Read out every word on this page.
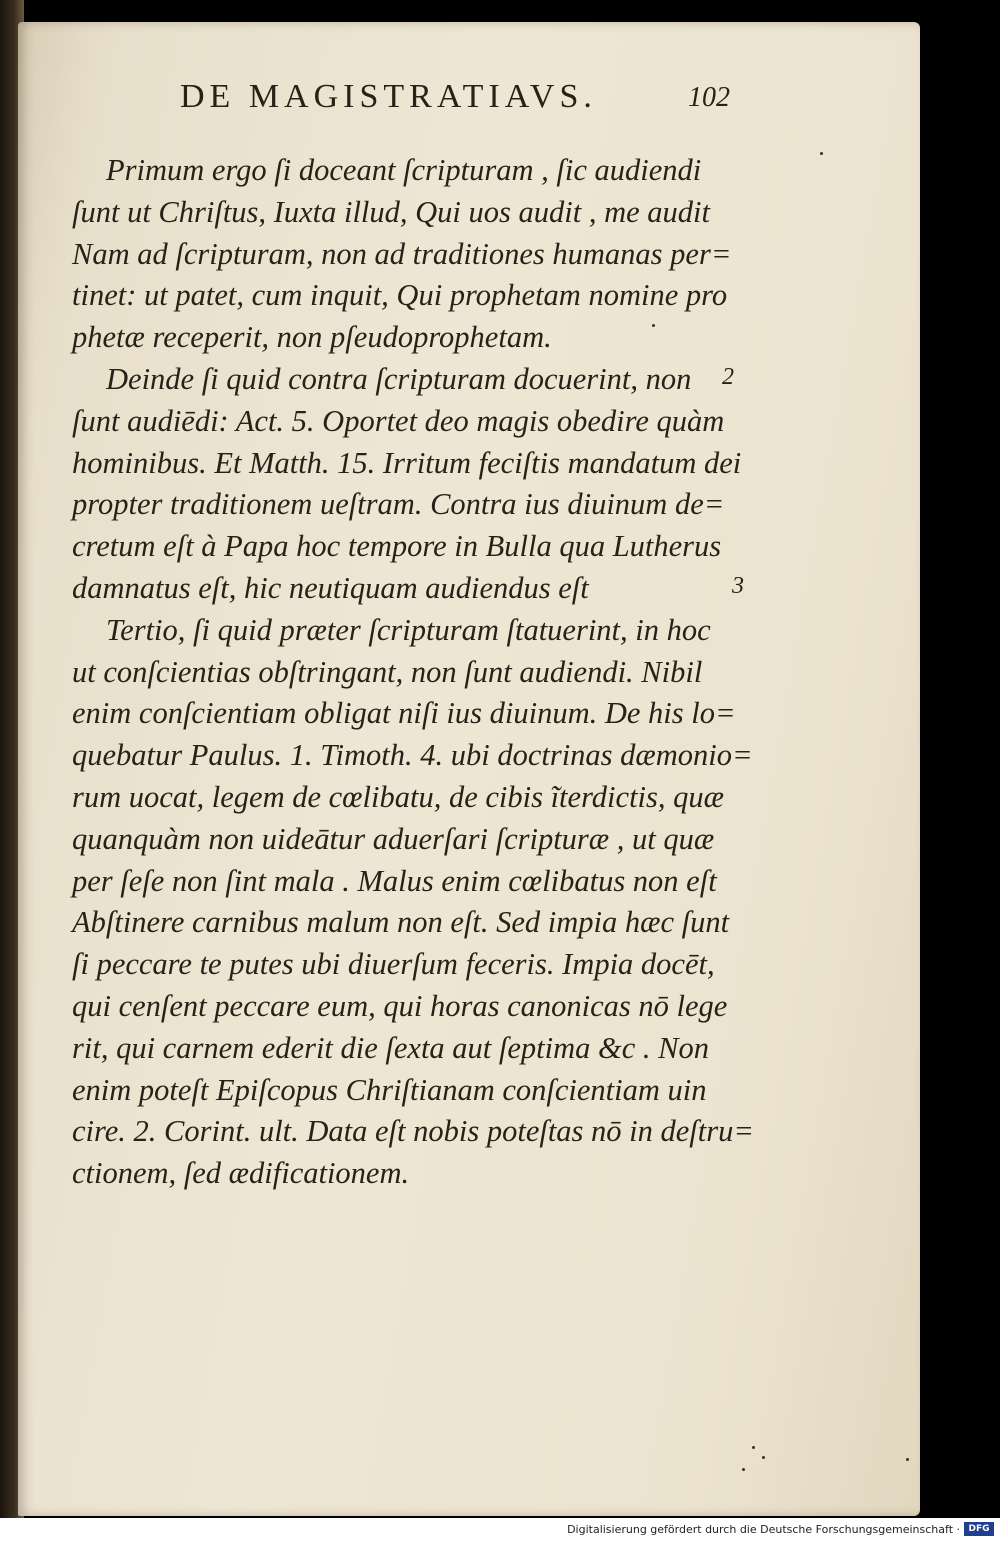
DE MAGISTRATIAVS.	102
Primum ergo ſi doceant ſcripturam , ſic audiendi
ſunt ut Chriſtus, Iuxta illud, Qui uos audit , me audit
Nam ad ſcripturam, non ad traditiones humanas per=
tinet: ut patet, cum inquit, Qui prophetam nomine pro
phetæ receperit, non pſeudoprophetam.
Deinde ſi quid contra ſcripturam docuerint, non
ſunt audiēdi: Act. 5. Oportet deo magis obedire quàm
hominibus. Et Matth. 15. Irritum feciſtis mandatum dei
propter traditionem ueſtram. Contra ius diuinum de=
cretum eſt à Papa hoc tempore in Bulla qua Lutherus
damnatus eſt, hic neutiquam audiendus eſt
Tertio, ſi quid præter ſcripturam ſtatuerint, in hoc
ut conſcientias obſtringant, non ſunt audiendi. Nibil
enim conſcientiam obligat niſi ius diuinum. De his lo=
quebatur Paulus. 1. Timoth. 4. ubi doctrinas dæmonio=
rum uocat, legem de cœlibatu, de cibis ĩterdictis, quæ
quanquàm non uideātur aduerſari ſcripturæ , ut quæ
per ſeſe non ſint mala . Malus enim cœlibatus non eſt
Abſtinere carnibus malum non eſt. Sed impia hæc ſunt
ſi peccare te putes ubi diuerſum feceris. Impia docēt,
qui cenſent peccare eum, qui horas canonicas nō lege
rit, qui carnem ederit die ſexta aut ſeptima &c . Non
enim poteſt Epiſcopus Chriſtianam conſcientiam uin
cire. 2. Corint. ult. Data eſt nobis poteſtas nō in deſtru=
ctionem, ſed ædificationem.
2
3
Digitalisierung gefördert durch die Deutsche Forschungsgemeinschaft · DFG
